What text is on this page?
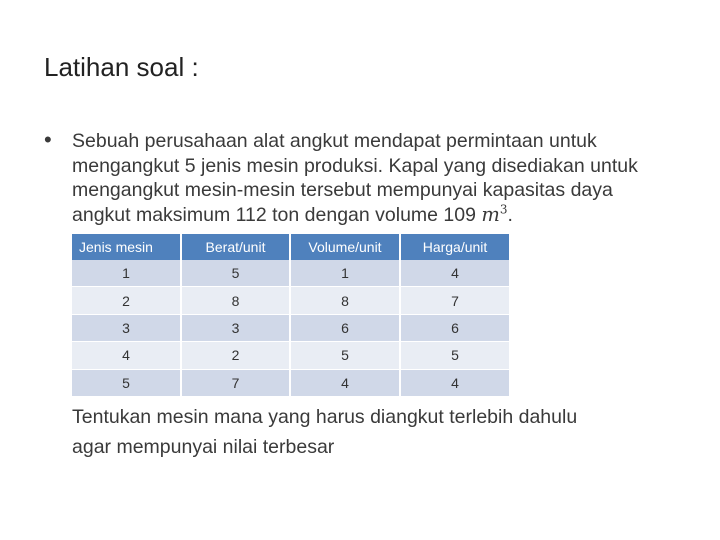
Latihan soal :
• Sebuah perusahaan alat angkut mendapat permintaan untuk mengangkut 5 jenis mesin produksi. Kapal yang disediakan untuk mengangkut mesin-mesin tersebut mempunyai kapasitas daya angkut maksimum 112 ton dengan volume 109 $m^3$.
Jenis mesin	Berat/unit	Volume/unit	Harga/unit
1	5	1	4
2	8	8	7
3	3	6	6
4	2	5	5
5	7	4	4
Tentukan mesin mana yang harus diangkut terlebih dahulu
agar mempunyai nilai terbesar
